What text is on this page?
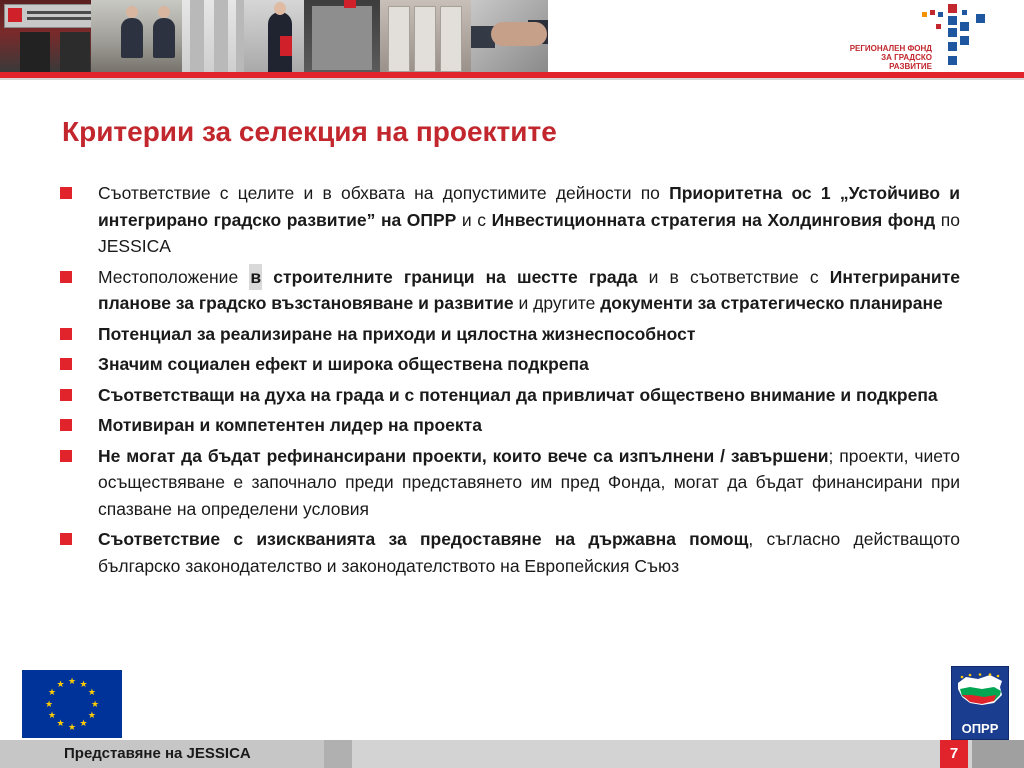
РЕГИОНАЛЕН ФОНД
ЗА ГРАДСКО
РАЗВИТИЕ
Критерии за селекция на проектите
Съответствие с целите и в обхвата на допустимите дейности по Приоритетна ос 1 „Устойчиво и интегрирано градско развитие” на ОПРР и с Инвестиционната стратегия на Холдинговия фонд по JESSICA
Местоположение в строителните граници на шестте града и в съответствие с Интегрираните планове за градско възстановяване и развитие и другите документи за стратегическо планиране
Потенциал за реализиране на приходи и цялостна жизнеспособност
Значим социален ефект и широка обществена подкрепа
Съответстващи на духа на града и с потенциал да привличат обществено внимание и подкрепа
Мотивиран и компетентен лидер на проекта
Не могат да бъдат рефинансирани проекти, които вече са изпълнени / завършени; проекти, чието осъществяване е започнало преди представянето им пред Фонда, могат да бъдат финансирани при спазване на определени условия
Съответствие с изискванията за предоставяне на държавна помощ, съгласно действащото българско законодателство и законодателството на Европейския Съюз
★ ★
★
★
★
★
★
★
★
★
★
★
ОПРР
Представяне на JESSICA	7
